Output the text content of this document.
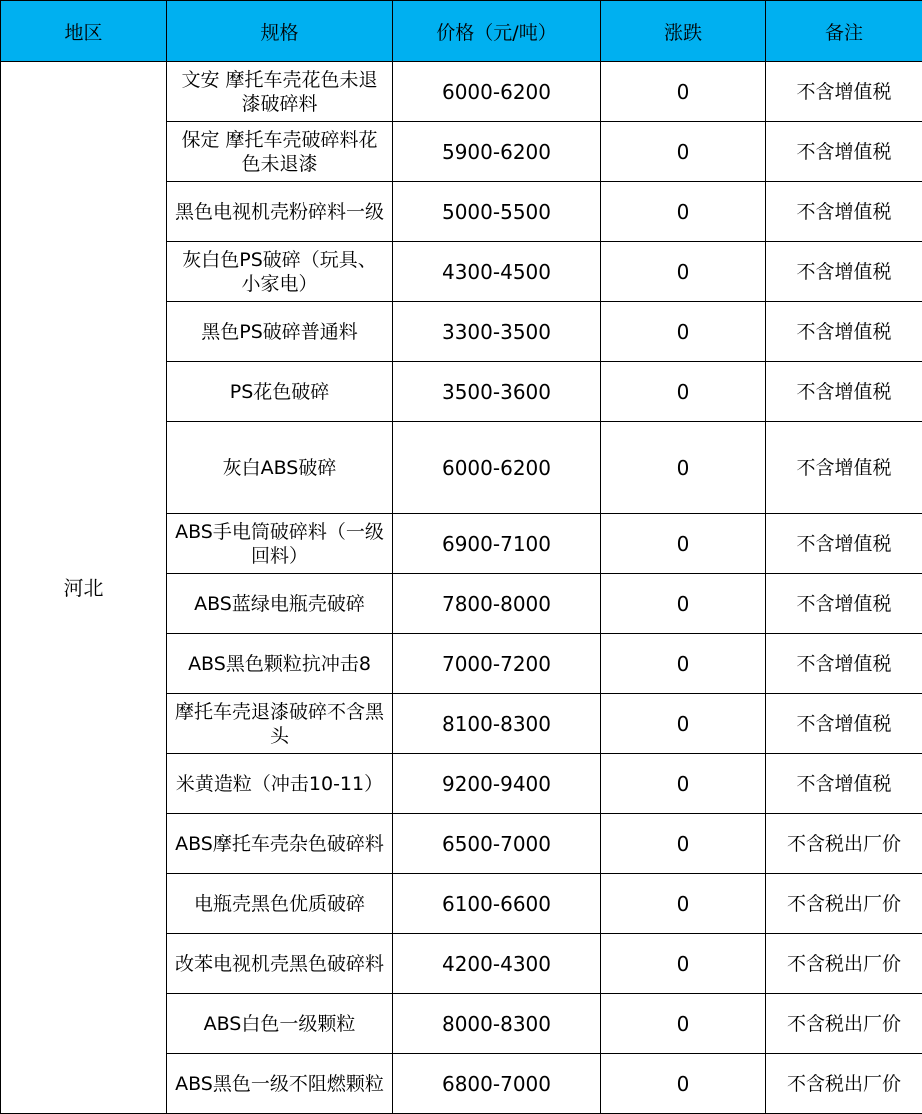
地区	规格	价格（元/吨）	涨跌	备注
河北	文安 摩托车壳花色未退漆破碎料	6000-6200	0	不含增值税
	保定 摩托车壳破碎料花色未退漆	5900-6200	0	不含增值税
	黑色电视机壳粉碎料一级	5000-5500	0	不含增值税
	灰白色PS破碎（玩具、小家电）	4300-4500	0	不含增值税
	黑色PS破碎普通料	3300-3500	0	不含增值税
	PS花色破碎	3500-3600	0	不含增值税
	灰白ABS破碎	6000-6200	0	不含增值税
	ABS手电筒破碎料（一级回料）	6900-7100	0	不含增值税
	ABS蓝绿电瓶壳破碎	7800-8000	0	不含增值税
	ABS黑色颗粒抗冲击8	7000-7200	0	不含增值税
	摩托车壳退漆破碎不含黑头	8100-8300	0	不含增值税
	米黄造粒（冲击10-11）	9200-9400	0	不含增值税
	ABS摩托车壳杂色破碎料	6500-7000	0	不含税出厂价
	电瓶壳黑色优质破碎	6100-6600	0	不含税出厂价
	改苯电视机壳黑色破碎料	4200-4300	0	不含税出厂价
	ABS白色一级颗粒	8000-8300	0	不含税出厂价
	ABS黑色一级不阻燃颗粒	6800-7000	0	不含税出厂价
